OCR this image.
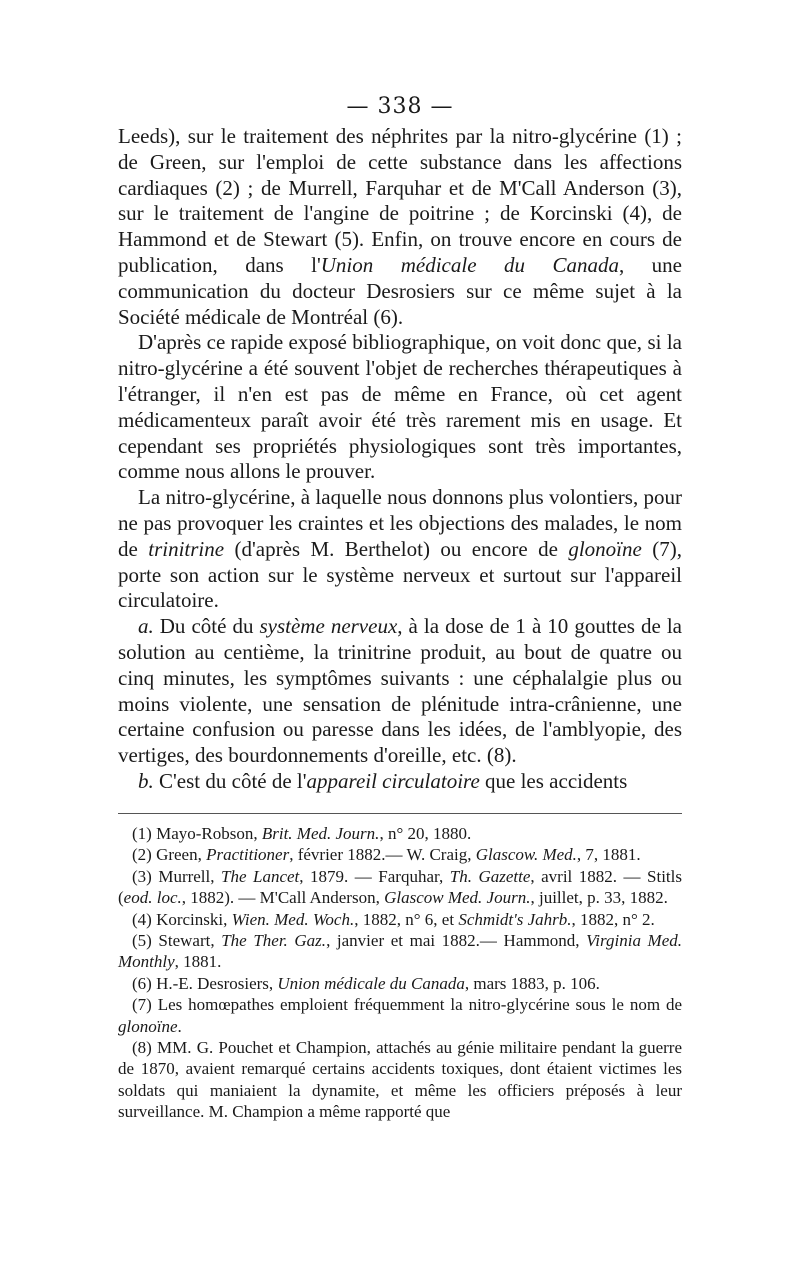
— 338 —

Leeds), sur le traitement des néphrites par la nitro-glycérine (1) ; de Green, sur l'emploi de cette substance dans les affections cardiaques (2) ; de Murrell, Farquhar et de M'Call Anderson (3), sur le traitement de l'angine de poitrine ; de Korcinski (4), de Hammond et de Stewart (5). Enfin, on trouve encore en cours de publication, dans l'Union médicale du Canada, une communication du docteur Desrosiers sur ce même sujet à la Société médicale de Montréal (6).

D'après ce rapide exposé bibliographique, on voit donc que, si la nitro-glycérine a été souvent l'objet de recherches thérapeutiques à l'étranger, il n'en est pas de même en France, où cet agent médicamenteux paraît avoir été très rarement mis en usage. Et cependant ses propriétés physiologiques sont très importantes, comme nous allons le prouver.

La nitro-glycérine, à laquelle nous donnons plus volontiers, pour ne pas provoquer les craintes et les objections des malades, le nom de trinitrine (d'après M. Berthelot) ou encore de glonoïne (7), porte son action sur le système nerveux et surtout sur l'appareil circulatoire.

a. Du côté du système nerveux, à la dose de 1 à 10 gouttes de la solution au centième, la trinitrine produit, au bout de quatre ou cinq minutes, les symptômes suivants : une céphalalgie plus ou moins violente, une sensation de plénitude intra-crânienne, une certaine confusion ou paresse dans les idées, de l'amblyopie, des vertiges, des bourdonnements d'oreille, etc. (8).

b. C'est du côté de l'appareil circulatoire que les accidents

(1) Mayo-Robson, Brit. Med. Journ., n° 20, 1880.

(2) Green, Practitioner, février 1882.— W. Craig, Glascow. Med., 7, 1881.

(3) Murrell, The Lancet, 1879. — Farquhar, Th. Gazette, avril 1882. — Stitls (eod. loc., 1882). — M'Call Anderson, Glascow Med. Journ., juillet, p. 33, 1882.

(4) Korcinski, Wien. Med. Woch., 1882, n° 6, et Schmidt's Jahrb., 1882, n° 2.

(5) Stewart, The Ther. Gaz., janvier et mai 1882.— Hammond, Virginia Med. Monthly, 1881.

(6) H.-E. Desrosiers, Union médicale du Canada, mars 1883, p. 106.

(7) Les homœpathes emploient fréquemment la nitro-glycérine sous le nom de glonoïne.

(8) MM. G. Pouchet et Champion, attachés au génie militaire pendant la guerre de 1870, avaient remarqué certains accidents toxiques, dont étaient victimes les soldats qui maniaient la dynamite, et même les officiers préposés à leur surveillance. M. Champion a même rapporté que
